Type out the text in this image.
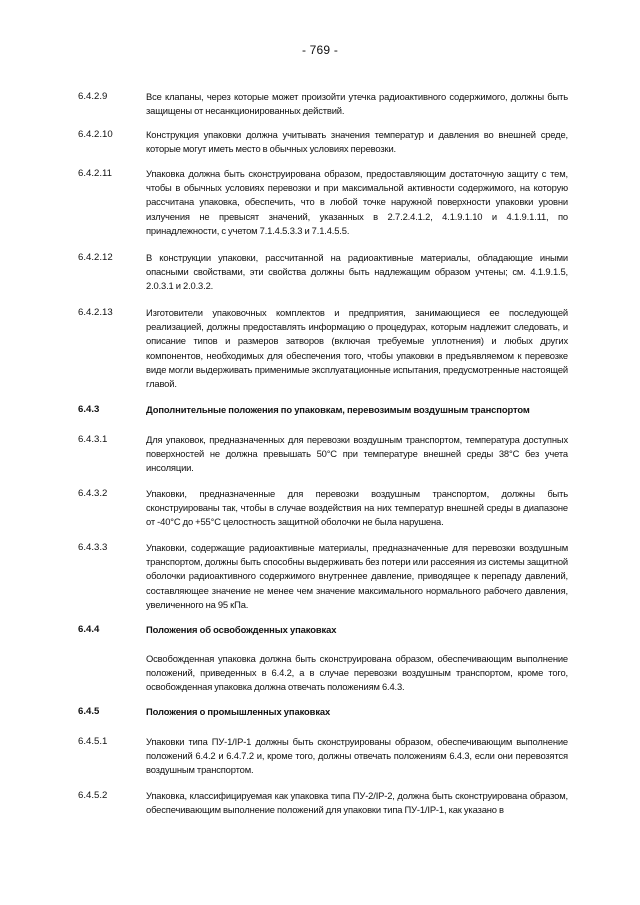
- 769 -
6.4.2.9	Все клапаны, через которые может произойти утечка радиоактивного содержимого, должны быть защищены от несанкционированных действий.
6.4.2.10	Конструкция упаковки должна учитывать значения температур и давления во внешней среде, которые могут иметь место в обычных условиях перевозки.
6.4.2.11	Упаковка должна быть сконструирована образом, предоставляющим достаточную защиту с тем, чтобы в обычных условиях перевозки и при максимальной активности содержимого, на которую рассчитана упаковка, обеспечить, что в любой точке наружной поверхности упаковки уровни излучения не превысят значений, указанных в 2.7.2.4.1.2, 4.1.9.1.10 и 4.1.9.1.11, по принадлежности, с учетом 7.1.4.5.3.3 и 7.1.4.5.5.
6.4.2.12	В конструкции упаковки, рассчитанной на радиоактивные материалы, обладающие иными опасными свойствами, эти свойства должны быть надлежащим образом учтены; см. 4.1.9.1.5, 2.0.3.1 и 2.0.3.2.
6.4.2.13	Изготовители упаковочных комплектов и предприятия, занимающиеся ее последующей реализацией, должны предоставлять информацию о процедурах, которым надлежит следовать, и описание типов и размеров затворов (включая требуемые уплотнения) и любых других компонентов, необходимых для обеспечения того, чтобы упаковки в предъявляемом к перевозке виде могли выдерживать применимые эксплуатационные испытания, предусмотренные настоящей главой.
6.4.3	Дополнительные положения по упаковкам, перевозимым воздушным транспортом
6.4.3.1	Для упаковок, предназначенных для перевозки воздушным транспортом, температура доступных поверхностей не должна превышать 50°C при температуре внешней среды 38°C без учета инсоляции.
6.4.3.2	Упаковки, предназначенные для перевозки воздушным транспортом, должны быть сконструированы так, чтобы в случае воздействия на них температур внешней среды в диапазоне от -40°C до +55°C целостность защитной оболочки не была нарушена.
6.4.3.3	Упаковки, содержащие радиоактивные материалы, предназначенные для перевозки воздушным транспортом, должны быть способны выдерживать без потери или рассеяния из системы защитной оболочки радиоактивного содержимого внутреннее давление, приводящее к перепаду давлений, составляющее значение не менее чем значение максимального нормального рабочего давления, увеличенного на 95 кПа.
6.4.4	Положения об освобожденных упаковках
Освобожденная упаковка должна быть сконструирована образом, обеспечивающим выполнение положений, приведенных в 6.4.2, а в случае перевозки воздушным транспортом, кроме того, освобожденная упаковка должна отвечать положениям 6.4.3.
6.4.5	Положения о промышленных упаковках
6.4.5.1	Упаковки типа ПУ-1/IP-1 должны быть сконструированы образом, обеспечивающим выполнение положений 6.4.2 и 6.4.7.2 и, кроме того, должны отвечать положениям 6.4.3, если они перевозятся воздушным транспортом.
6.4.5.2	Упаковка, классифицируемая как упаковка типа ПУ-2/IP-2, должна быть сконструирована образом, обеспечивающим выполнение положений для упаковки типа ПУ-1/IP-1, как указано в
